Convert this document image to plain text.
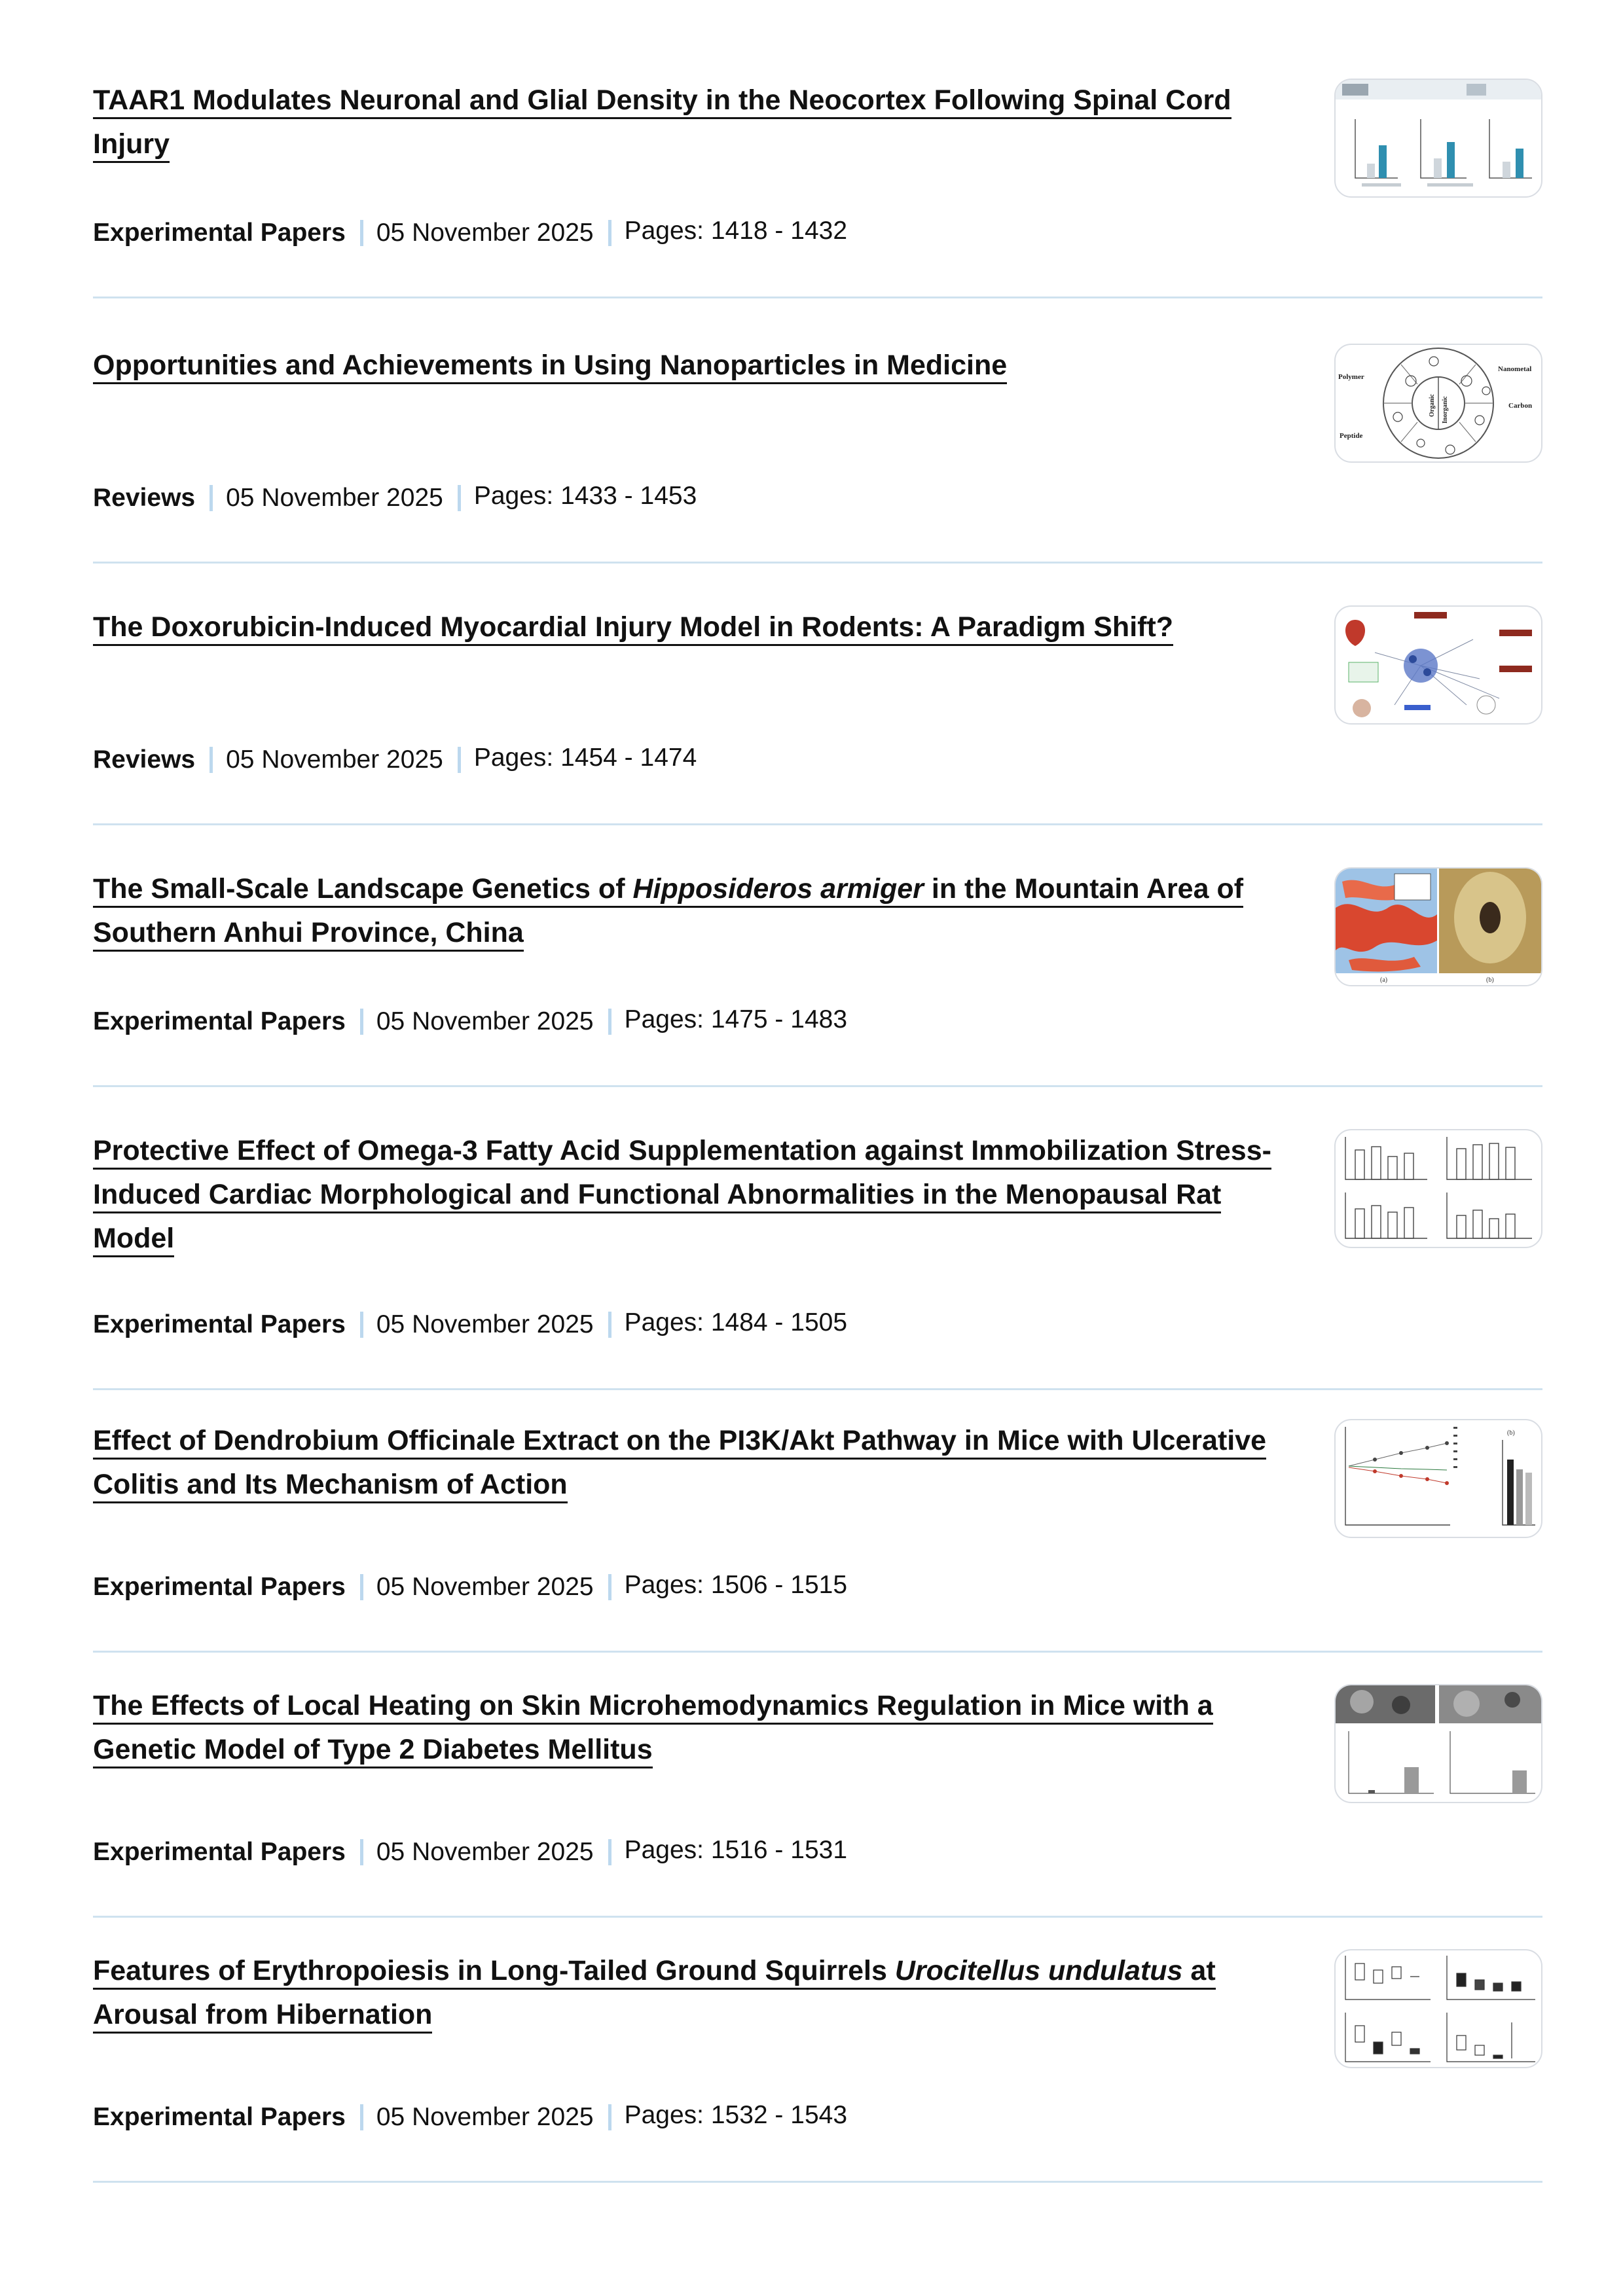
TAAR1 Modulates Neuronal and Glial Density in the Neocortex Following Spinal Cord Injury
Experimental Papers 05 November 2025 Pages: 1418 - 1432
Opportunities and Achievements in Using Nanoparticles in Medicine
Reviews 05 November 2025 Pages: 1433 - 1453
Polymer
Nanometal
Carbon
Peptide
Organic Inorganic
The Doxorubicin-Induced Myocardial Injury Model in Rodents: A Paradigm Shift?
Reviews 05 November 2025 Pages: 1454 - 1474
The Small-Scale Landscape Genetics of Hipposideros armiger in the Mountain Area of Southern Anhui Province, China
Experimental Papers 05 November 2025 Pages: 1475 - 1483
(a)	(b)
Protective Effect of Omega-3 Fatty Acid Supplementation against Immobilization Stress-Induced Cardiac Morphological and Functional Abnormalities in the Menopausal Rat Model
Experimental Papers 05 November 2025 Pages: 1484 - 1505
Effect of Dendrobium Officinale Extract on the PI3K/Akt Pathway in Mice with Ulcerative Colitis and Its Mechanism of Action
Experimental Papers 05 November 2025 Pages: 1506 - 1515
(b)
The Effects of Local Heating on Skin Microhemodynamics Regulation in Mice with a Genetic Model of Type 2 Diabetes Mellitus
Experimental Papers 05 November 2025 Pages: 1516 - 1531
Features of Erythropoiesis in Long-Tailed Ground Squirrels Urocitellus undulatus at Arousal from Hibernation
Experimental Papers 05 November 2025 Pages: 1532 - 1543
